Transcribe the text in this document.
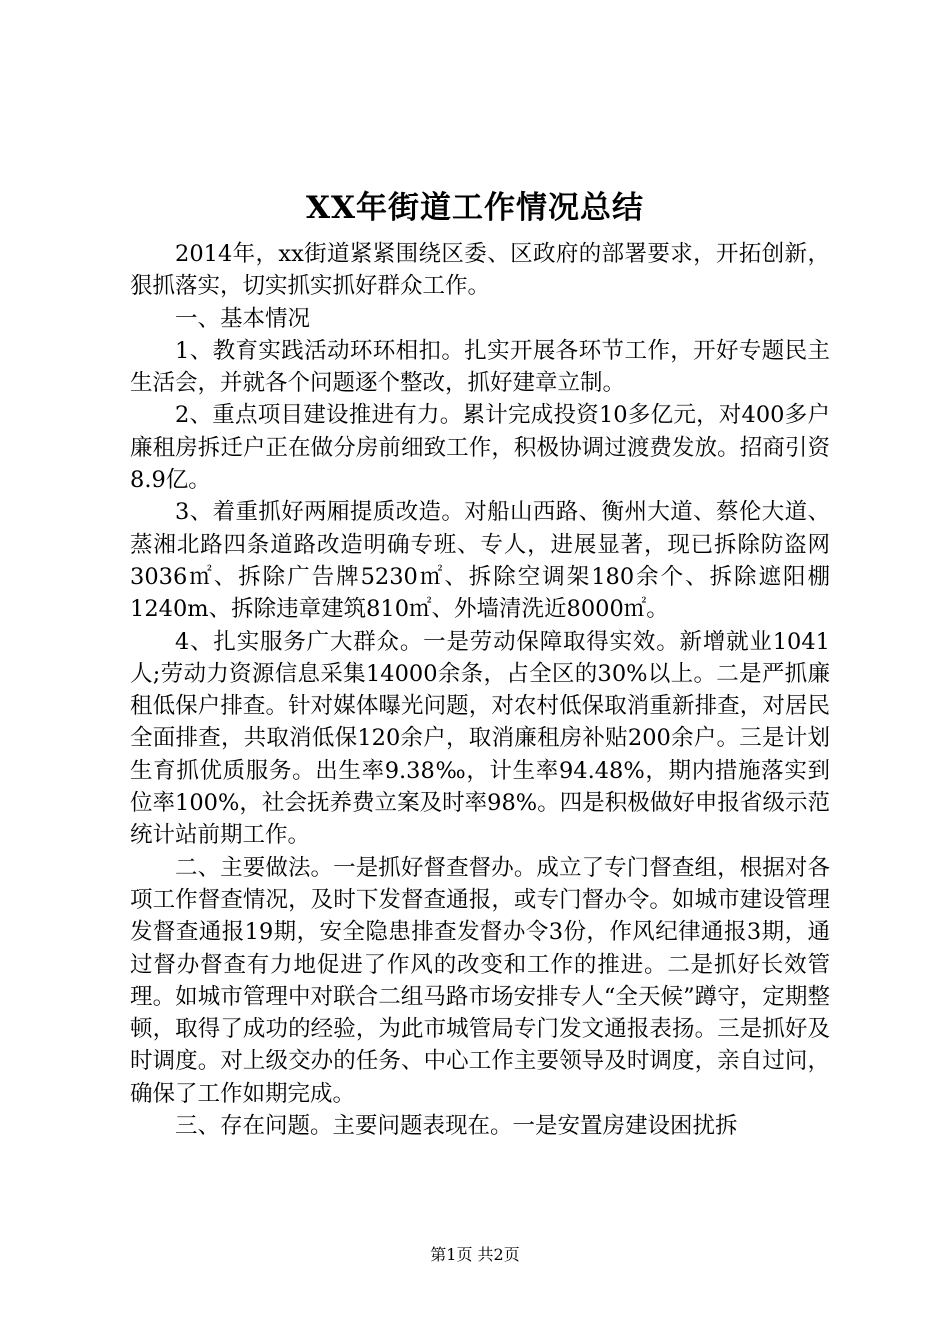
XX年街道工作情况总结

2014年，xx街道紧紧围绕区委、区政府的部署要求，开拓创新，狠抓落实，切实抓实抓好群众工作。

一、基本情况

1、教育实践活动环环相扣。扎实开展各环节工作，开好专题民主生活会，并就各个问题逐个整改，抓好建章立制。

2、重点项目建设推进有力。累计完成投资10多亿元，对400多户廉租房拆迁户正在做分房前细致工作，积极协调过渡费发放。招商引资8.9亿。

3、着重抓好两厢提质改造。对船山西路、衡州大道、蔡伦大道、蒸湘北路四条道路改造明确专班、专人，进展显著，现已拆除防盗网3036㎡、拆除广告牌5230㎡、拆除空调架180余个、拆除遮阳棚1240m、拆除违章建筑810㎡、外墙清洗近8000㎡。

4、扎实服务广大群众。一是劳动保障取得实效。新增就业1041人;劳动力资源信息采集14000余条，占全区的30%以上。二是严抓廉租低保户排查。针对媒体曝光问题，对农村低保取消重新排查，对居民全面排查，共取消低保120余户，取消廉租房补贴200余户。三是计划生育抓优质服务。出生率9.38‰，计生率94.48%，期内措施落实到位率100%，社会抚养费立案及时率98%。四是积极做好申报省级示范统计站前期工作。

二、主要做法。一是抓好督查督办。成立了专门督查组，根据对各项工作督查情况，及时下发督查通报，或专门督办令。如城市建设管理发督查通报19期，安全隐患排查发督办令3份，作风纪律通报3期，通过督办督查有力地促进了作风的改变和工作的推进。二是抓好长效管理。如城市管理中对联合二组马路市场安排专人“全天候”蹲守，定期整顿，取得了成功的经验，为此市城管局专门发文通报表扬。三是抓好及时调度。对上级交办的任务、中心工作主要领导及时调度，亲自过问，确保了工作如期完成。

三、存在问题。主要问题表现在。一是安置房建设困扰拆

第1页 共2页
